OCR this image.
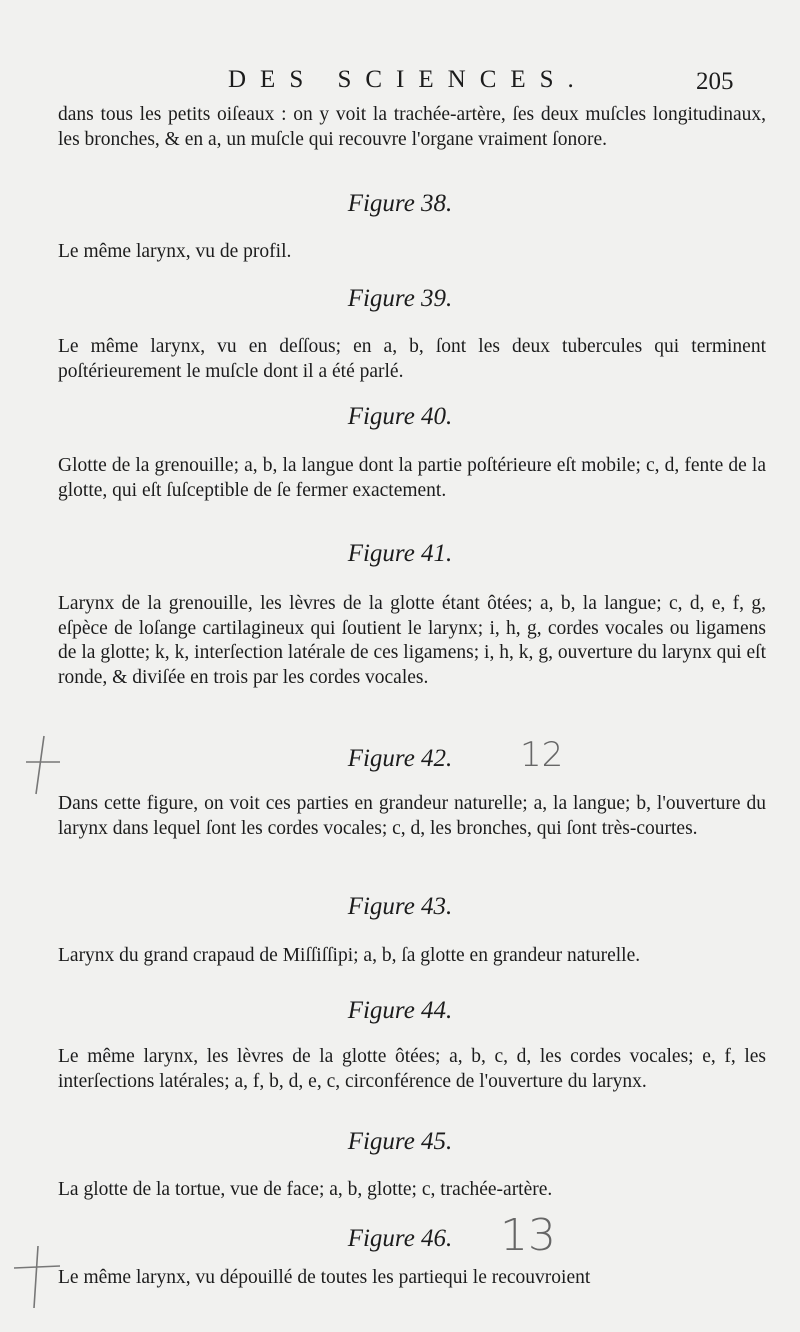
DES SCIENCES.	205
dans tous les petits oiſeaux : on y voit la trachée-artère, ſes deux muſcles longitudinaux, les bronches, & en a, un muſcle qui recouvre l'organe vraiment ſonore.
Figure 38.
Le même larynx, vu de profil.
Figure 39.
Le même larynx, vu en deſſous; en a, b, ſont les deux tubercules qui terminent poſtérieurement le muſcle dont il a été parlé.
Figure 40.
Glotte de la grenouille; a, b, la langue dont la partie poſtérieure eſt mobile; c, d, fente de la glotte, qui eſt ſuſceptible de ſe fermer exactement.
Figure 41.
Larynx de la grenouille, les lèvres de la glotte étant ôtées; a, b, la langue; c, d, e, f, g, eſpèce de loſange cartilagineux qui ſoutient le larynx; i, h, g, cordes vocales ou ligamens de la glotte; k, k, interſection latérale de ces ligamens; i, h, k, g, ouverture du larynx qui eſt ronde, & diviſée en trois par les cordes vocales.
Figure 42.
Dans cette figure, on voit ces parties en grandeur naturelle; a, la langue; b, l'ouverture du larynx dans lequel ſont les cordes vocales; c, d, les bronches, qui ſont très-courtes.
Figure 43.
Larynx du grand crapaud de Miſſiſſipi; a, b, ſa glotte en grandeur naturelle.
Figure 44.
Le même larynx, les lèvres de la glotte ôtées; a, b, c, d, les cordes vocales; e, f, les interſections latérales; a, f, b, d, e, c, circonférence de l'ouverture du larynx.
Figure 45.
La glotte de la tortue, vue de face; a, b, glotte; c, trachée-artère.
Figure 46.
Le même larynx, vu dépouillé de toutes les partiequi le recouvroient
12
13
